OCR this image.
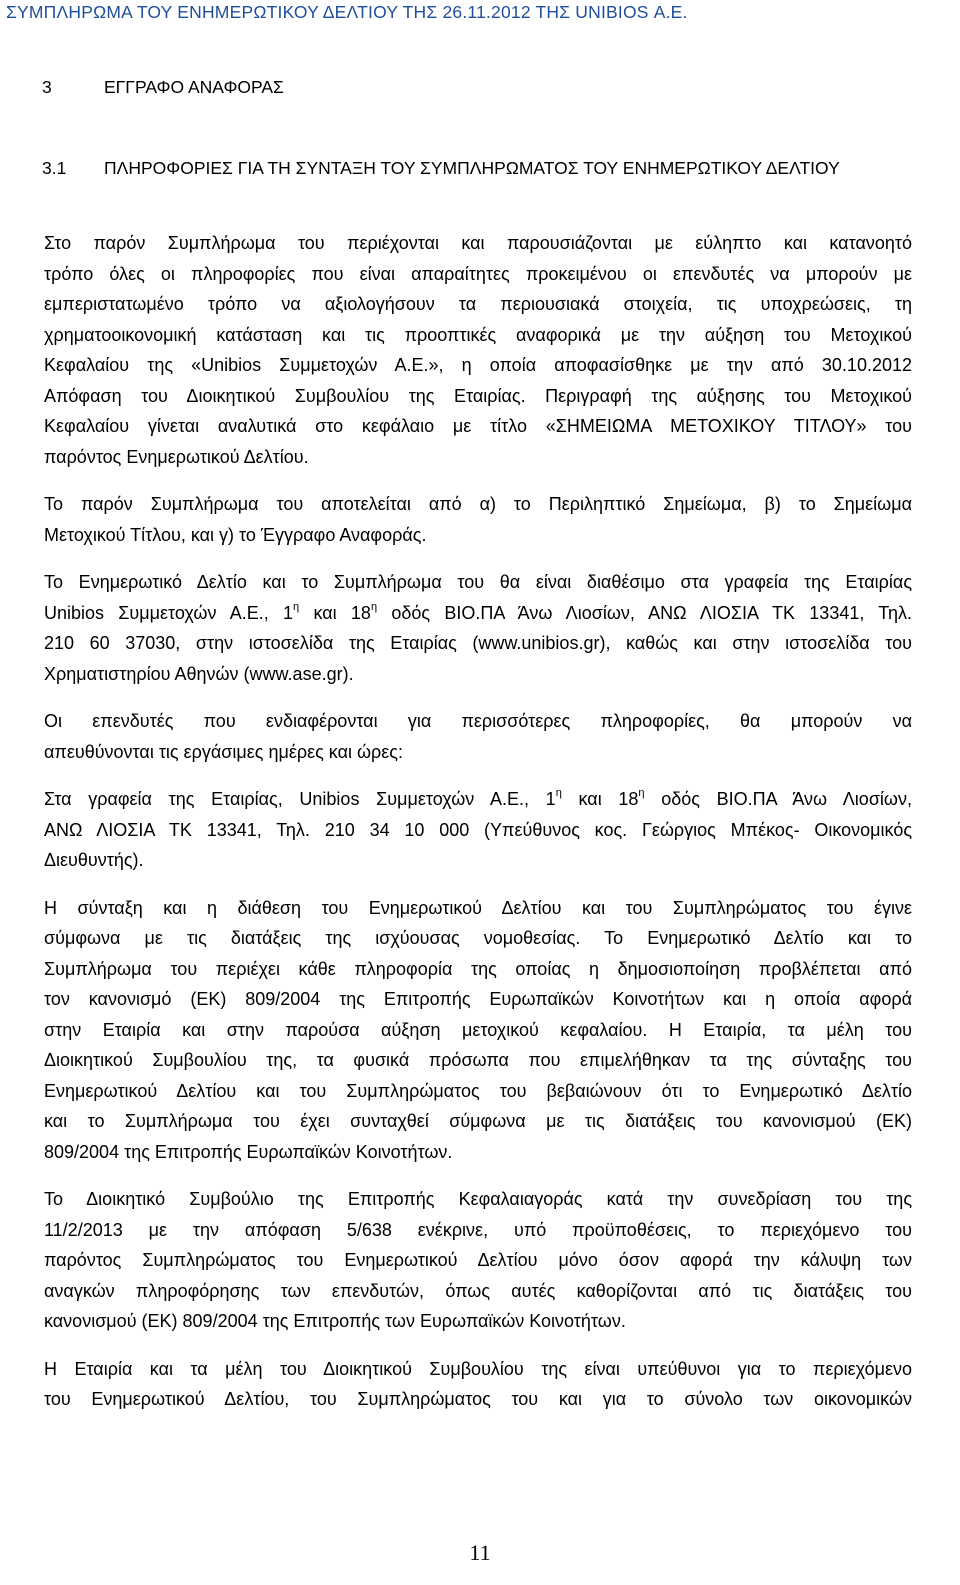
ΣΥΜΠΛΗΡΩΜΑ ΤΟΥ ΕΝΗΜΕΡΩΤΙΚΟΥ ΔΕΛΤΙΟΥ ΤΗΣ 26.11.2012 ΤΗΣ UNIBIOS Α.Ε.
3	ΕΓΓΡΑΦΟ ΑΝΑΦΟΡΑΣ
3.1 ΠΛΗΡΟΦΟΡΙΕΣ ΓΙΑ ΤΗ ΣΥΝΤΑΞΗ ΤΟΥ ΣΥΜΠΛΗΡΩΜΑΤΟΣ ΤΟΥ ΕΝΗΜΕΡΩΤΙΚΟΥ ΔΕΛΤΙΟΥ

Στο παρόν Συμπλήρωμα του περιέχονται και παρουσιάζονται με εύληπτο και κατανοητό
τρόπο όλες οι πληροφορίες που είναι απαραίτητες προκειμένου οι επενδυτές να μπορούν με
εμπεριστατωμένο τρόπο να αξιολογήσουν τα περιουσιακά στοιχεία, τις υποχρεώσεις, τη
χρηματοοικονομική κατάσταση και τις προοπτικές αναφορικά με την αύξηση του Μετοχικού
Κεφαλαίου της «Unibios Συμμετοχών Α.Ε.», η οποία αποφασίσθηκε με την από 30.10.2012
Απόφαση του Διοικητικού Συμβουλίου της Εταιρίας. Περιγραφή της αύξησης του Μετοχικού
Κεφαλαίου γίνεται αναλυτικά στο κεφάλαιο με τίτλο «ΣΗΜΕΙΩΜΑ ΜΕΤΟΧΙΚΟΥ ΤΙΤΛΟΥ» του
παρόντος Ενημερωτικού Δελτίου.

Το παρόν Συμπλήρωμα του αποτελείται από α) το Περιληπτικό Σημείωμα, β) το Σημείωμα
Μετοχικού Τίτλου, και γ) το Έγγραφο Αναφοράς.

Το Ενημερωτικό Δελτίο και το Συμπλήρωμα του θα είναι διαθέσιμο στα γραφεία της Εταιρίας
Unibios Συμμετοχών Α.Ε., $1^\eta$ και $18^\eta$ οδός ΒΙΟ.ΠΑ Άνω Λιοσίων, ΑΝΩ ΛΙΟΣΙΑ ΤΚ 13341, Τηλ.
210 60 37030, στην ιστοσελίδα της Εταιρίας (www.unibios.gr), καθώς και στην ιστοσελίδα του
Χρηματιστηρίου Αθηνών (www.ase.gr).

Οι επενδυτές που ενδιαφέρονται για περισσότερες πληροφορίες, θα μπορούν να
απευθύνονται τις εργάσιμες ημέρες και ώρες:

Στα γραφεία της Εταιρίας, Unibios Συμμετοχών Α.Ε., $1^\eta$ και $18^\eta$ οδός ΒΙΟ.ΠΑ Άνω Λιοσίων,
ΑΝΩ ΛΙΟΣΙΑ ΤΚ 13341, Τηλ. 210 34 10 000 (Υπεύθυνος κος. Γεώργιος Μπέκος- Οικονομικός
Διευθυντής).

Η σύνταξη και η διάθεση του Ενημερωτικού Δελτίου και του Συμπληρώματος του έγινε
σύμφωνα με τις διατάξεις της ισχύουσας νομοθεσίας. Το Ενημερωτικό Δελτίο και το
Συμπλήρωμα του περιέχει κάθε πληροφορία της οποίας η δημοσιοποίηση προβλέπεται από
τον κανονισμό (ΕΚ) 809/2004 της Επιτροπής Ευρωπαϊκών Κοινοτήτων και η οποία αφορά
στην Εταιρία και στην παρούσα αύξηση μετοχικού κεφαλαίου. Η Εταιρία, τα μέλη του
Διοικητικού Συμβουλίου της, τα φυσικά πρόσωπα που επιμελήθηκαν τα της σύνταξης του
Ενημερωτικού Δελτίου και του Συμπληρώματος του βεβαιώνουν ότι το Ενημερωτικό Δελτίο
και το Συμπλήρωμα του έχει συνταχθεί σύμφωνα με τις διατάξεις του κανονισμού (ΕΚ)
809/2004 της Επιτροπής Ευρωπαϊκών Κοινοτήτων.

Το Διοικητικό Συμβούλιο της Επιτροπής Κεφαλαιαγοράς κατά την συνεδρίαση του της
11/2/2013 με την απόφαση 5/638 ενέκρινε, υπό προϋποθέσεις, το περιεχόμενο του
παρόντος Συμπληρώματος του Ενημερωτικού Δελτίου μόνο όσον αφορά την κάλυψη των
αναγκών πληροφόρησης των επενδυτών, όπως αυτές καθορίζονται από τις διατάξεις του
κανονισμού (ΕΚ) 809/2004 της Επιτροπής των Ευρωπαϊκών Κοινοτήτων.

Η Εταιρία και τα μέλη του Διοικητικού Συμβουλίου της είναι υπεύθυνοι για το περιεχόμενο
του Ενημερωτικού Δελτίου, του Συμπληρώματος του και για το σύνολο των οικονομικών

11
